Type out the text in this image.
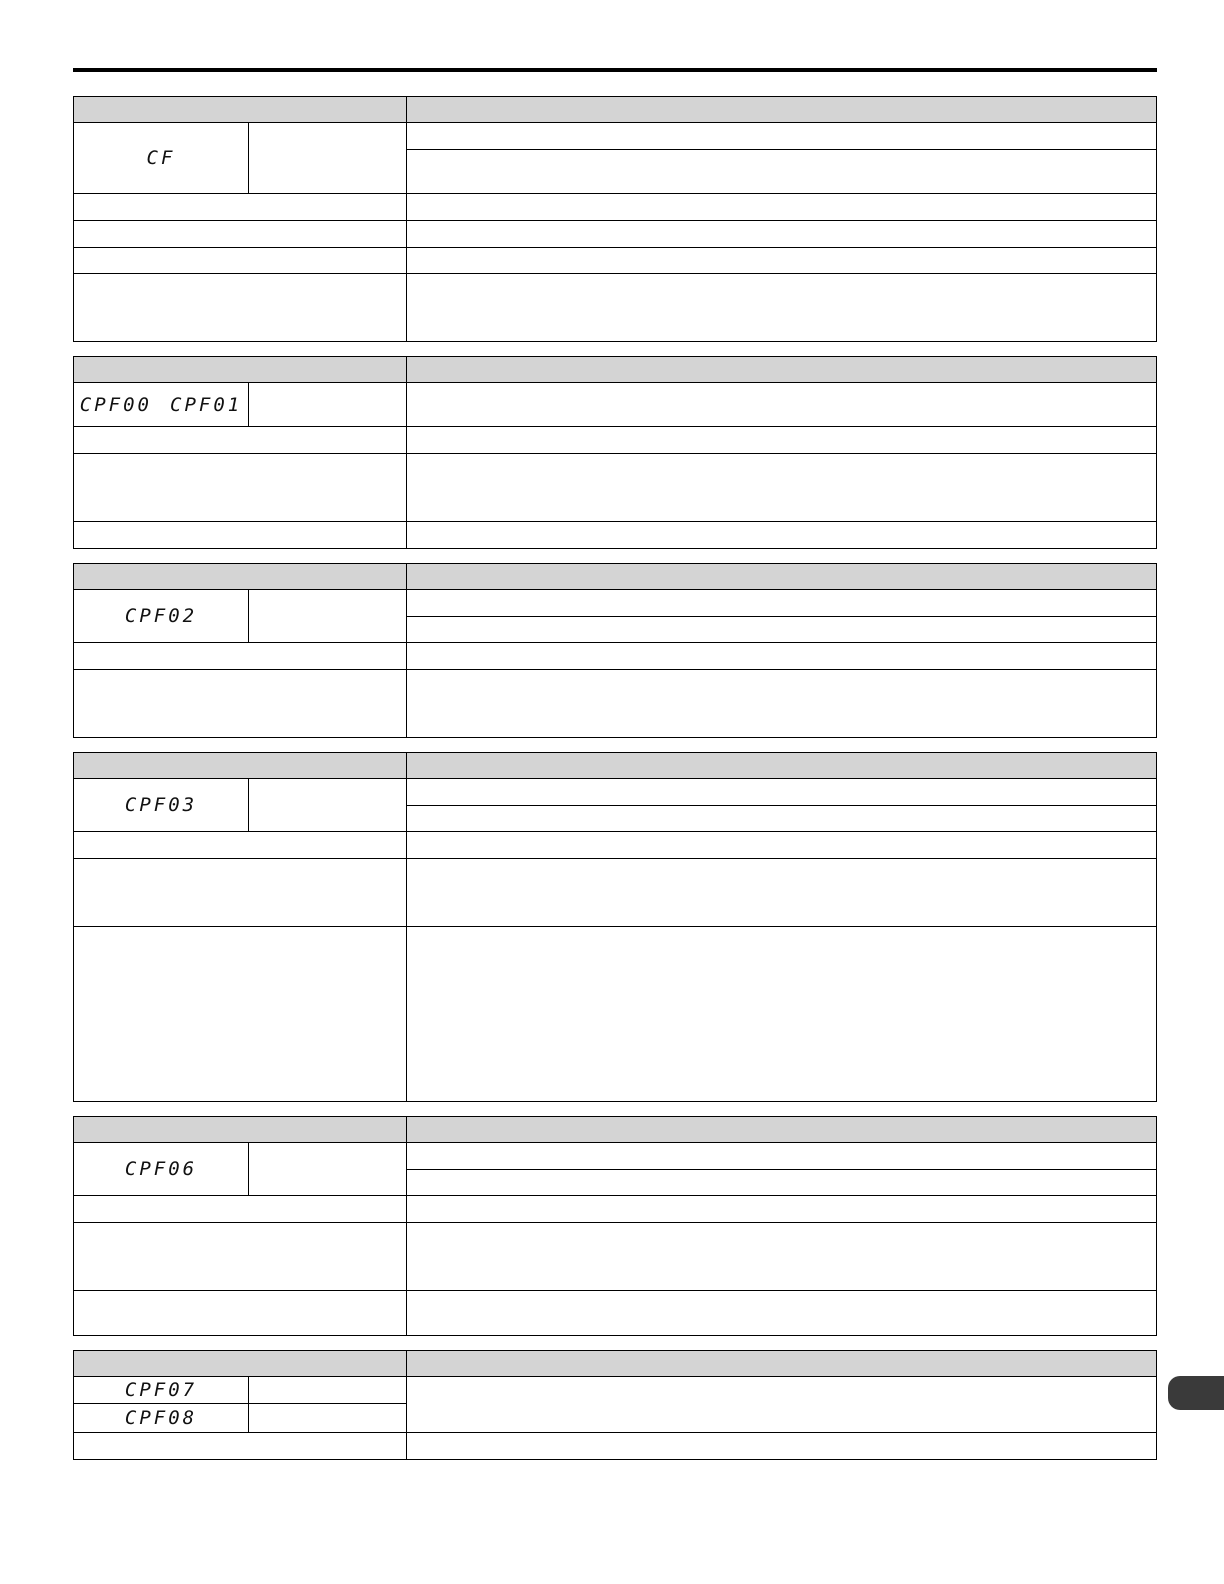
CF		

CPF00 CPF01		

CPF02		

CPF03		

CPF06		

CPF07		
CPF08		
